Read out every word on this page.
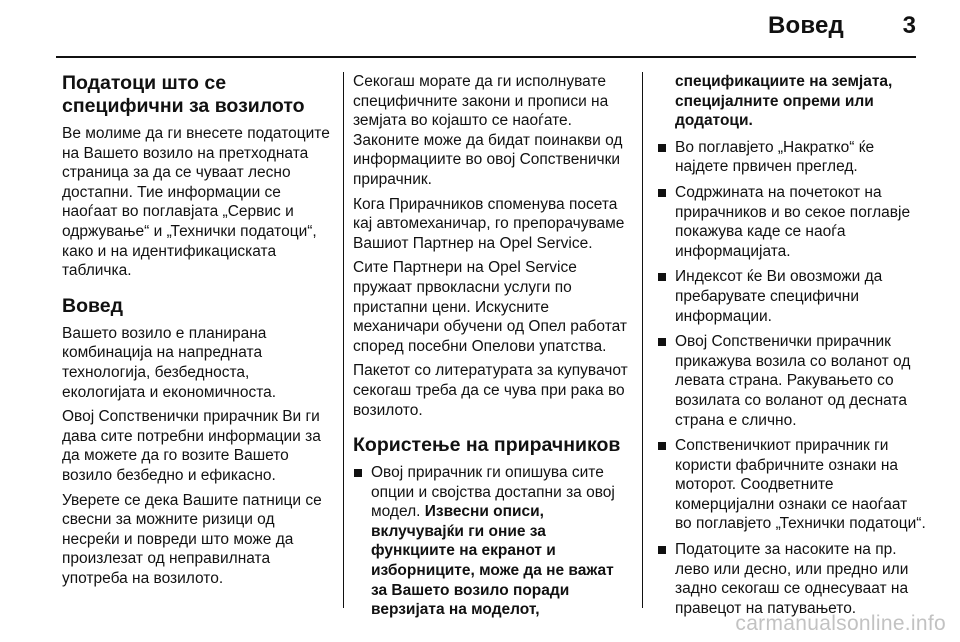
Вовед 3
Податоци што се специфични за возилото

Ве молиме да ги внесете податоците на Вашето возило на претходната страница за да се чуваат лесно достапни. Тие информации се наоѓаат во поглавјата „Сервис и одржување“ и „Технички податоци“, како и на идентификациската табличка.

Вовед

Вашето возило е планирана комбинација на напредната технологија, безбедноста, екологијата и економичноста.

Овој Сопственички прирачник Ви ги дава сите потребни информации за да можете да го возите Вашето возило безбедно и ефикасно.

Уверете се дека Вашите патници се свесни за можните ризици од несреќи и повреди што може да произлезат од неправилната употреба на возилото.

Секогаш морате да ги исполнувате специфичните закони и прописи на земјата во којашто се наоѓате. Законите може да бидат поинакви од информациите во овој Сопственички прирачник.

Кога Прирачников споменува посета кај автомеханичар, го препорачуваме Вашиот Партнер на Opel Service.

Сите Партнери на Opel Service пружаат првокласни услуги по пристапни цени. Искусните механичари обучени од Опел работат според посебни Опелови упатства.

Пакетот со литературата за купувачот секогаш треба да се чува при рака во возилото.

Користење на прирачников
Овој прирачник ги опишува сите опции и својства достапни за овој модел. Извесни описи, вклучувајќи ги оние за функциите на екранот и изборниците, може да не важат за Вашето возило поради верзијата на моделот,

спецификациите на земјата, специјалните опреми или додатоци.

Во поглавјето „Накратко“ ќе најдете првичен преглед.
Содржината на почетокот на прирачников и во секое поглавје покажува каде се наоѓа информацијата.
Индексот ќе Ви овозможи да пребарувате специфични информации.
Овој Сопственички прирачник прикажува возила со воланот од левата страна. Ракувањето со возилата со воланот од десната страна е слично.
Сопственичкиот прирачник ги користи фабричните ознаки на моторот. Соодветните комерцијални ознаки се наоѓаат во поглавјето „Технички податоци“.
Податоците за насоките на пр. лево или десно, или предно или задно секогаш се однесуваат на правецот на патувањето.
carmanualsonline.info
